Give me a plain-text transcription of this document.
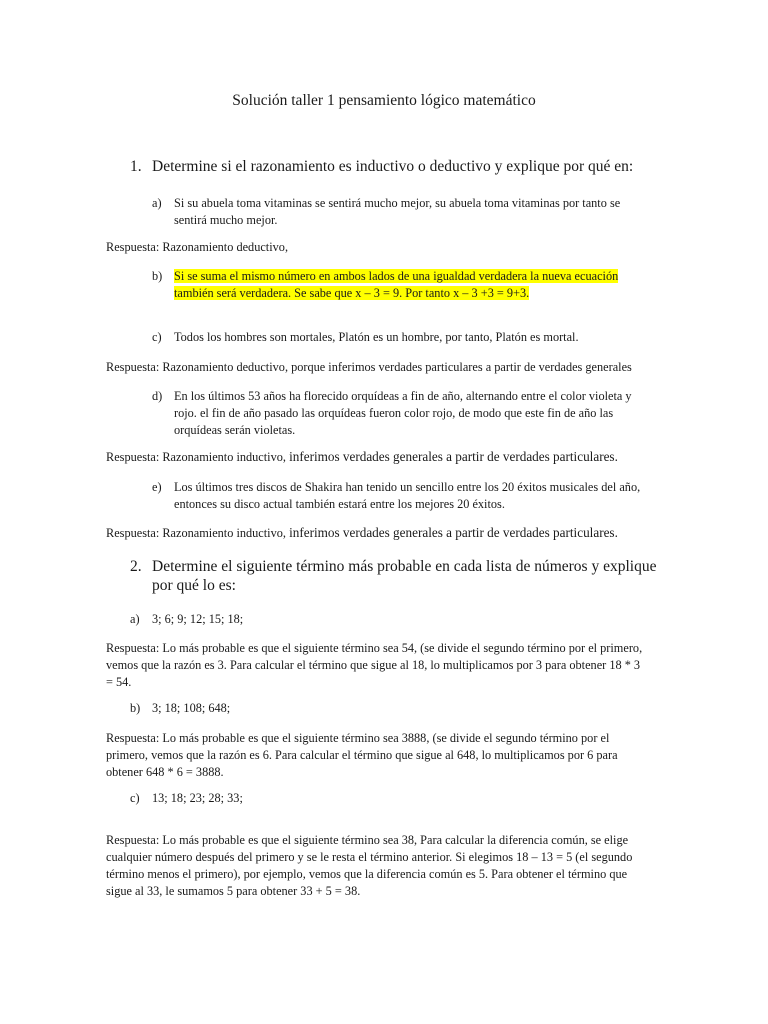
Solución taller 1 pensamiento lógico matemático

1. Determine si el razonamiento es inductivo o deductivo y explique por qué en:

a) Si su abuela toma vitaminas se sentirá mucho mejor, su abuela toma vitaminas por tanto se
sentirá mucho mejor.

Respuesta: Razonamiento deductivo,

b) Si se suma el mismo número en ambos lados de una igualdad verdadera la nueva ecuación
también será verdadera. Se sabe que x – 3 = 9. Por tanto x – 3 +3 = 9+3.
c) Todos los hombres son mortales, Platón es un hombre, por tanto, Platón es mortal.

Respuesta: Razonamiento deductivo, porque inferimos verdades particulares a partir de verdades generales

d) En los últimos 53 años ha florecido orquídeas a fin de año, alternando entre el color violeta y
rojo. el fin de año pasado las orquídeas fueron color rojo, de modo que este fin de año las
orquídeas serán violetas.

Respuesta: Razonamiento inductivo, inferimos verdades generales a partir de verdades particulares.

e) Los últimos tres discos de Shakira han tenido un sencillo entre los 20 éxitos musicales del año,
entonces su disco actual también estará entre los mejores 20 éxitos.

Respuesta: Razonamiento inductivo, inferimos verdades generales a partir de verdades particulares.

2. Determine el siguiente término más probable en cada lista de números y explique
por qué lo es:
a) 3; 6; 9; 12; 15; 18;

Respuesta: Lo más probable es que el siguiente término sea 54, (se divide el segundo término por el primero,
vemos que la razón es 3. Para calcular el término que sigue al 18, lo multiplicamos por 3 para obtener 18 * 3
= 54.
b) 3; 18; 108; 648;

Respuesta: Lo más probable es que el siguiente término sea 3888, (se divide el segundo término por el
primero, vemos que la razón es 6. Para calcular el término que sigue al 648, lo multiplicamos por 6 para
obtener 648 * 6 = 3888.
c) 13; 18; 23; 28; 33;

Respuesta: Lo más probable es que el siguiente término sea 38, Para calcular la diferencia común, se elige
cualquier número después del primero y se le resta el término anterior. Si elegimos 18 – 13 = 5 (el segundo
término menos el primero), por ejemplo, vemos que la diferencia común es 5. Para obtener el término que
sigue al 33, le sumamos 5 para obtener 33 + 5 = 38.
